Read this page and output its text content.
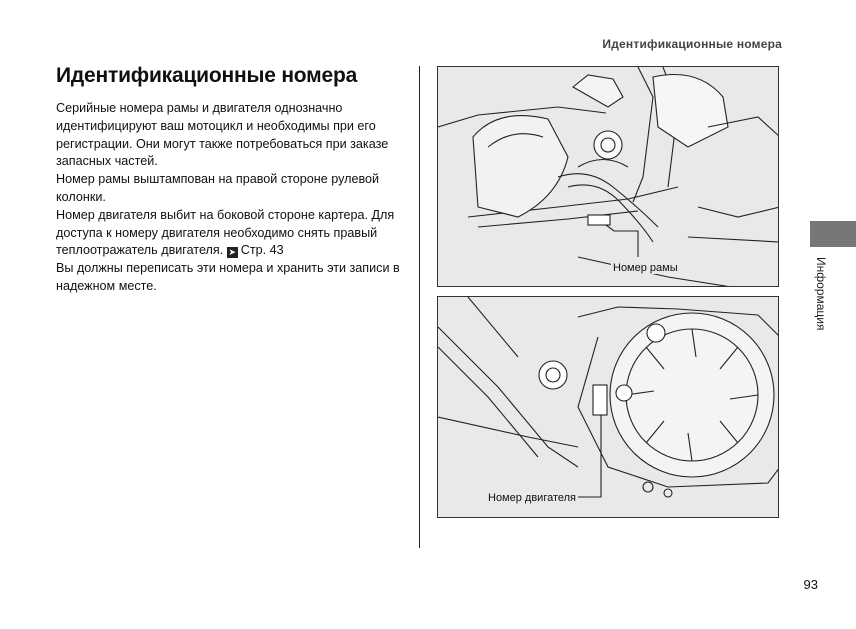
Идентификационные номера
Идентификационные номера

Серийные номера рамы и двигателя однозначно идентифицируют ваш мотоцикл и необходимы при его регистрации. Они могут также потребоваться при заказе запасных частей.

Номер рамы выштампован на правой стороне рулевой колонки.

Номер двигателя выбит на боковой стороне картера. Для доступа к номеру двигателя необходимо снять правый теплоотражатель двигателя. ➤ Стр. 43

Вы должны переписать эти номера и хранить эти записи в надежном месте.

Номер рамы
Номер двигателя
Информация
93
